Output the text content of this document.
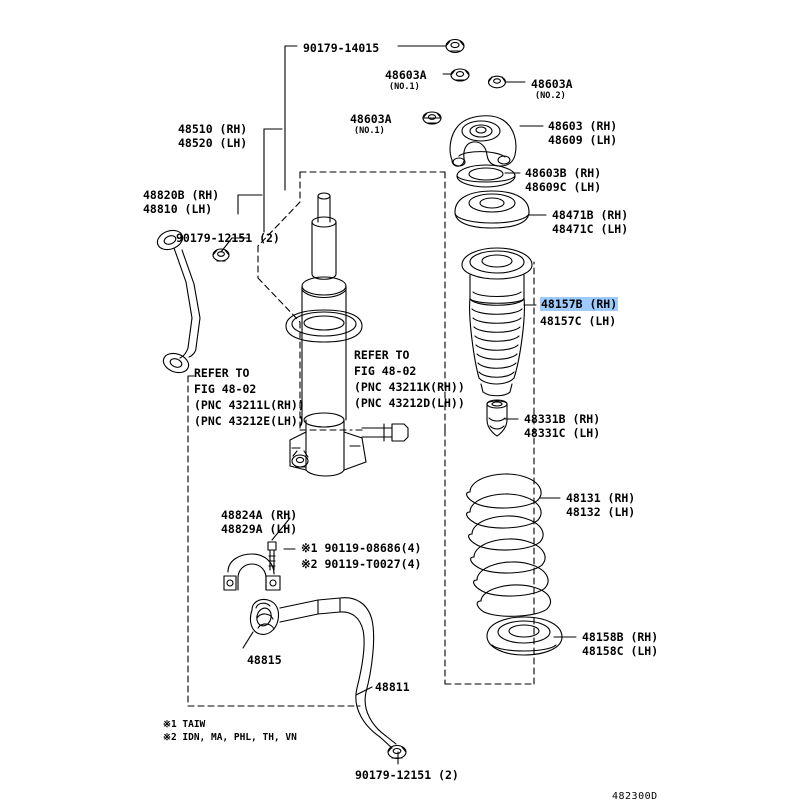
90179-14015
48603A
(NO.1)	48603A
(NO.2)
48603A
(NO.1)	48603 (RH)
48609 (LH)
48510 (RH)
48520 (LH)
48603B (RH)
48609C (LH)
48820B (RH)
48810 (LH)	48471B (RH)
48471C (LH)
90179-12151 (2)
48157B (RH)
48157C (LH)
REFER TO
FIG 48-02
(PNC 43211K(RH))
(PNC 43212D(LH))
REFER TO
FIG 48-02
(PNC 43211L(RH))
(PNC 43212E(LH))	48331B (RH)
48331C (LH)
48131 (RH)
48132 (LH)
48824A (RH)
48829A (LH)
※1 90119-08686(4)
※2 90119-T0027(4)
48158B (RH)
48158C (LH)
48815
48811
※1 TAIW
※2 IDN, MA, PHL, TH, VN
90179-12151 (2)
482300D
